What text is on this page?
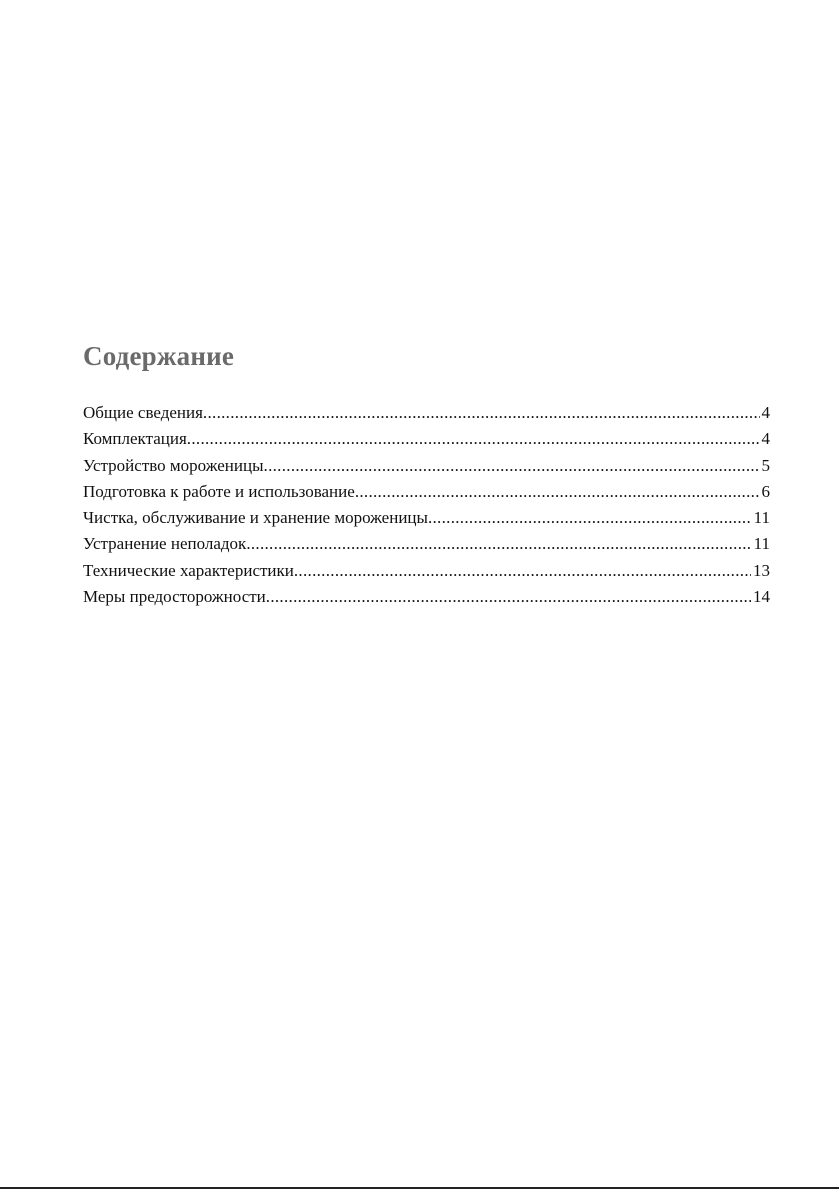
Содержание
Общие сведения .....	4
Комплектация .....	4
Устройство мороженицы .....	5
Подготовка к работе и использование .....	6
Чистка, обслуживание и хранение мороженицы .....	11
Устранение неполадок .....	11
Технические характеристики .....	13
Меры предосторожности .....	14
